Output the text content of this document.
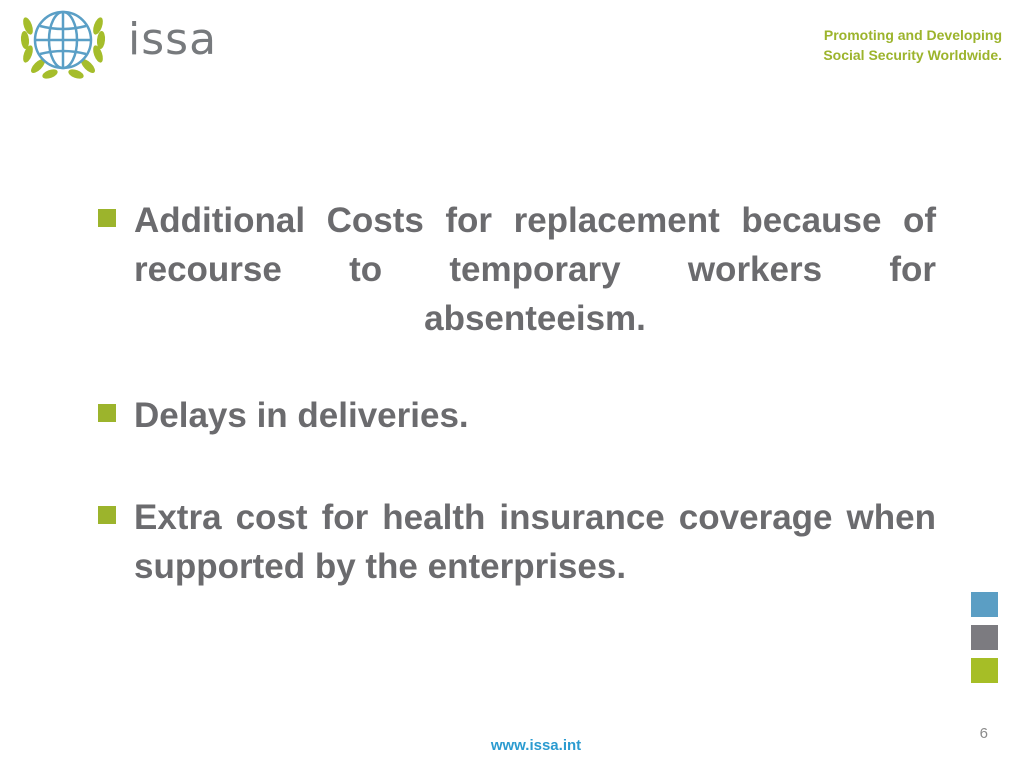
issa	Promoting and Developing
Social Security Worldwide.
Additional Costs for replacement because of recourse to temporary workers for absenteeism.
Delays in deliveries.
Extra cost for health insurance coverage when supported by the enterprises.
6
www.issa.int
